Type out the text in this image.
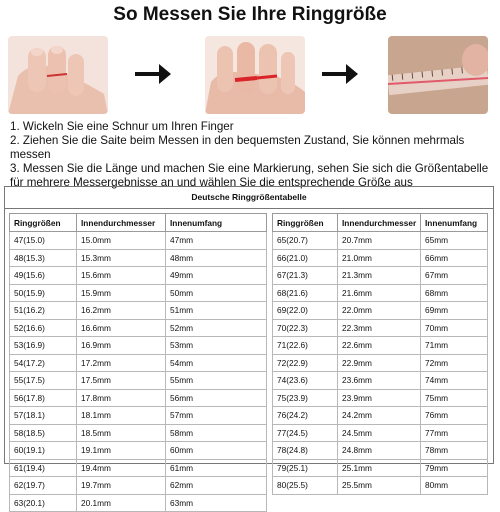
So Messen Sie Ihre Ringgröße
1. Wickeln Sie eine Schnur um Ihren Finger
2. Ziehen Sie die Saite beim Messen in den bequemsten Zustand, Sie können mehrmals messen
3. Messen Sie die Länge und machen Sie eine Markierung, sehen Sie sich die Größentabelle für mehrere Messergebnisse an und wählen Sie die entsprechende Größe aus
Deutsche Ringgrößentabelle
Ringgrößen	Innendurchmesser	Innenumfang
47(15.0)	15.0mm	47mm
48(15.3)	15.3mm	48mm
49(15.6)	15.6mm	49mm
50(15.9)	15.9mm	50mm
51(16.2)	16.2mm	51mm
52(16.6)	16.6mm	52mm
53(16.9)	16.9mm	53mm
54(17.2)	17.2mm	54mm
55(17.5)	17.5mm	55mm
56(17.8)	17.8mm	56mm
57(18.1)	18.1mm	57mm
58(18.5)	18.5mm	58mm
60(19.1)	19.1mm	60mm
61(19.4)	19.4mm	61mm
62(19.7)	19.7mm	62mm
63(20.1)	20.1mm	63mm
Ringgrößen	Innendurchmesser	Innenumfang
65(20.7)	20.7mm	65mm
66(21.0)	21.0mm	66mm
67(21.3)	21.3mm	67mm
68(21.6)	21.6mm	68mm
69(22.0)	22.0mm	69mm
70(22.3)	22.3mm	70mm
71(22.6)	22.6mm	71mm
72(22.9)	22.9mm	72mm
74(23.6)	23.6mm	74mm
75(23.9)	23.9mm	75mm
76(24.2)	24.2mm	76mm
77(24.5)	24.5mm	77mm
78(24.8)	24.8mm	78mm
79(25.1)	25.1mm	79mm
80(25.5)	25.5mm	80mm
